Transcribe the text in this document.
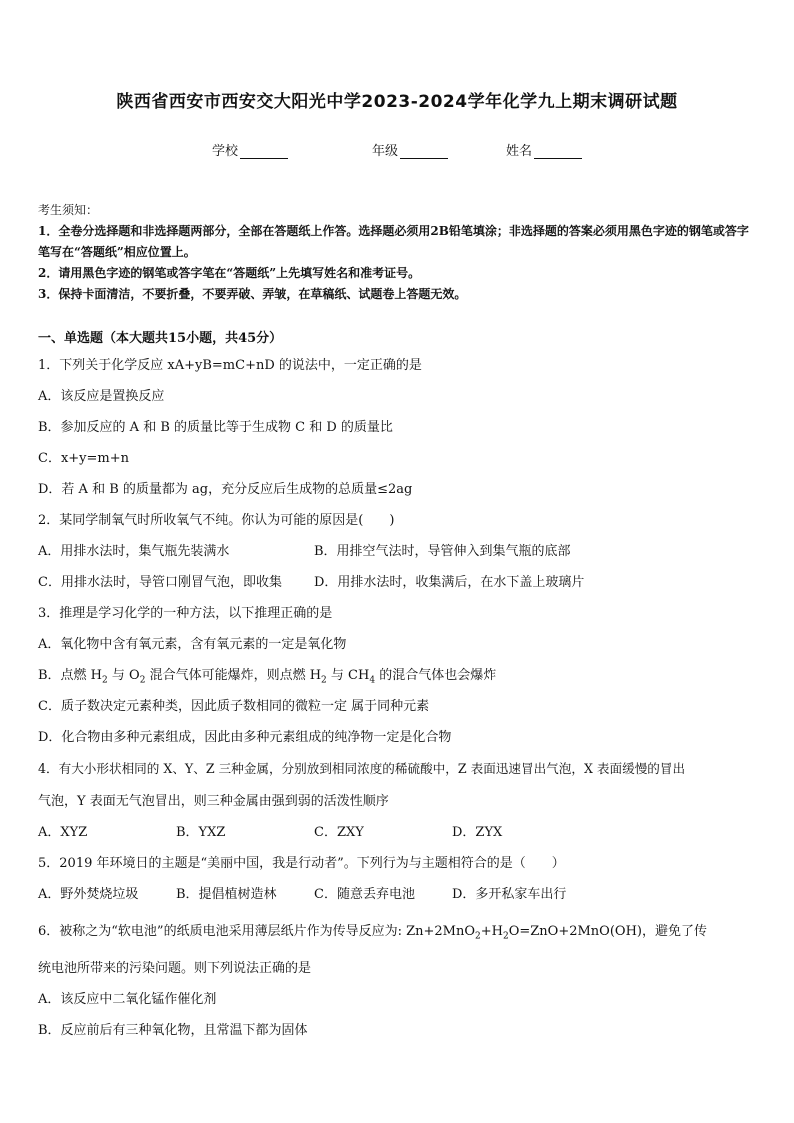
陕西省西安市西安交大阳光中学2023-2024学年化学九上期末调研试题
学校	年级	姓名
考生须知：
1．全卷分选择题和非选择题两部分，全部在答题纸上作答。选择题必须用2B铅笔填涂；非选择题的答案必须用黑色字迹的钢笔或答字笔写在“答题纸”相应位置上。
2．请用黑色字迹的钢笔或答字笔在“答题纸”上先填写姓名和准考证号。
3．保持卡面清洁，不要折叠，不要弄破、弄皱，在草稿纸、试题卷上答题无效。
一、单选题（本大题共15小题，共45分）
1．下列关于化学反应 xA+yB=mC+nD 的说法中，一定正确的是
A．该反应是置换反应
B．参加反应的 A 和 B 的质量比等于生成物 C 和 D 的质量比
C．x+y=m+n
D．若 A 和 B 的质量都为 ag，充分反应后生成物的总质量≤2ag
2．某同学制氧气时所收氧气不纯。你认为可能的原因是(　　)
A．用排水法时，集气瓶先装满水	B．用排空气法时，导管伸入到集气瓶的底部
C．用排水法时，导管口刚冒气泡，即收集 D．用排水法时，收集满后，在水下盖上玻璃片
3．推理是学习化学的一种方法，以下推理正确的是
A．氧化物中含有氧元素，含有氧元素的一定是氧化物
B．点燃 $H_2$ 与 $O_2$ 混合气体可能爆炸，则点燃 $H_2$ 与 $CH_4$ 的混合气体也会爆炸
C．质子数决定元素种类，因此质子数相同的微粒一定 属于同种元素
D．化合物由多种元素组成，因此由多种元素组成的纯净物一定是化合物
4．有大小形状相同的 X、Y、Z 三种金属，分别放到相同浓度的稀硫酸中，Z 表面迅速冒出气泡，X 表面缓慢的冒出
气泡，Y 表面无气泡冒出，则三种金属由强到弱的活泼性顺序
A．XYZ	B．YXZ	C．ZXY	D．ZYX
5．2019 年环境日的主题是“美丽中国，我是行动者”。下列行为与主题相符合的是（　　）
A．野外焚烧垃圾	B．提倡植树造林	C．随意丢弃电池	D．多开私家车出行
6．被称之为“软电池”的纸质电池采用薄层纸片作为传导反应为: $Zn+2MnO_2+H_2O=ZnO+2MnO(OH)$，避免了传
统电池所带来的污染问题。则下列说法正确的是
A．该反应中二氧化锰作催化剂
B．反应前后有三种氧化物，且常温下都为固体
